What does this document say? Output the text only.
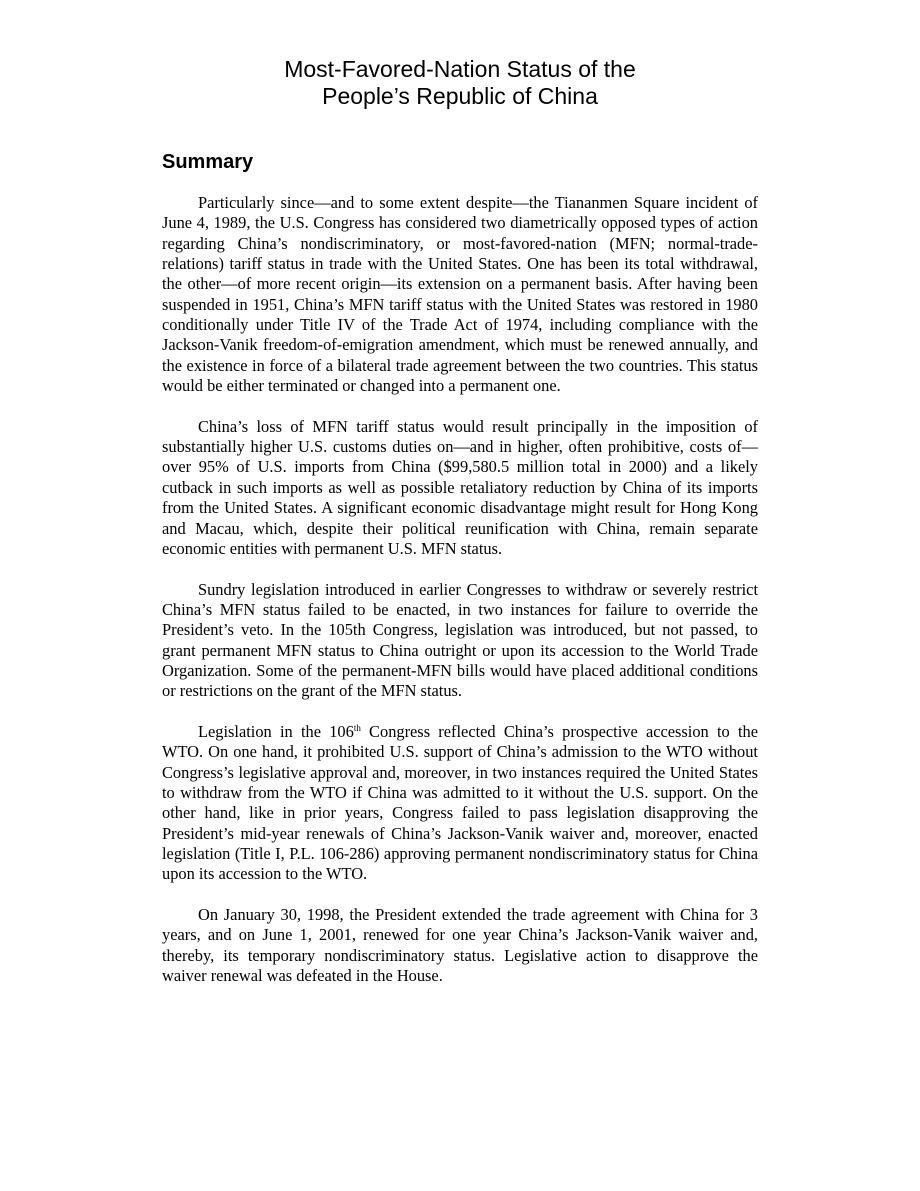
Most-Favored-Nation Status of the
People’s Republic of China
Summary

Particularly since—and to some extent despite—the Tiananmen Square incident of June 4, 1989, the U.S. Congress has considered two diametrically opposed types of action regarding China’s nondiscriminatory, or most-favored-nation (MFN; normal-trade-relations) tariff status in trade with the United States. One has been its total withdrawal, the other—of more recent origin—its extension on a permanent basis. After having been suspended in 1951, China’s MFN tariff status with the United States was restored in 1980 conditionally under Title IV of the Trade Act of 1974, including compliance with the Jackson-Vanik freedom-of-emigration amendment, which must be renewed annually, and the existence in force of a bilateral trade agreement between the two countries. This status would be either terminated or changed into a permanent one.

China’s loss of MFN tariff status would result principally in the imposition of substantially higher U.S. customs duties on—and in higher, often prohibitive, costs of—over 95% of U.S. imports from China ($99,580.5 million total in 2000) and a likely cutback in such imports as well as possible retaliatory reduction by China of its imports from the United States. A significant economic disadvantage might result for Hong Kong and Macau, which, despite their political reunification with China, remain separate economic entities with permanent U.S. MFN status.

Sundry legislation introduced in earlier Congresses to withdraw or severely restrict China’s MFN status failed to be enacted, in two instances for failure to override the President’s veto. In the 105th Congress, legislation was introduced, but not passed, to grant permanent MFN status to China outright or upon its accession to the World Trade Organization. Some of the permanent-MFN bills would have placed additional conditions or restrictions on the grant of the MFN status.

Legislation in the 106th Congress reflected China’s prospective accession to the WTO. On one hand, it prohibited U.S. support of China’s admission to the WTO without Congress’s legislative approval and, moreover, in two instances required the United States to withdraw from the WTO if China was admitted to it without the U.S. support. On the other hand, like in prior years, Congress failed to pass legislation disapproving the President’s mid-year renewals of China’s Jackson-Vanik waiver and, moreover, enacted legislation (Title I, P.L. 106-286) approving permanent nondiscriminatory status for China upon its accession to the WTO.

On January 30, 1998, the President extended the trade agreement with China for 3 years, and on June 1, 2001, renewed for one year China’s Jackson-Vanik waiver and, thereby, its temporary nondiscriminatory status. Legislative action to disapprove the waiver renewal was defeated in the House.
